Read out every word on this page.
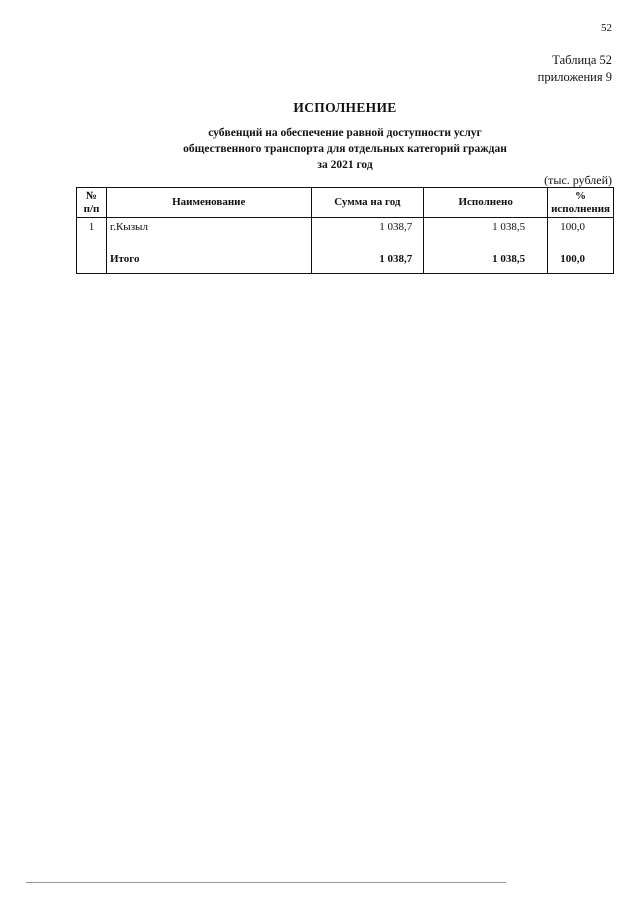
52
Таблица 52
приложения 9
ИСПОЛНЕНИЕ
субвенций на обеспечение равной доступности услуг
общественного транспорта для отдельных категорий граждан
за 2021 год
(тыс. рублей)
№
п/п	Наименование	Сумма на год	Исполнено	% исполнения
1	г.Кызыл	1 038,7	1 038,5	100,0
	Итого	1 038,7	1 038,5	100,0
